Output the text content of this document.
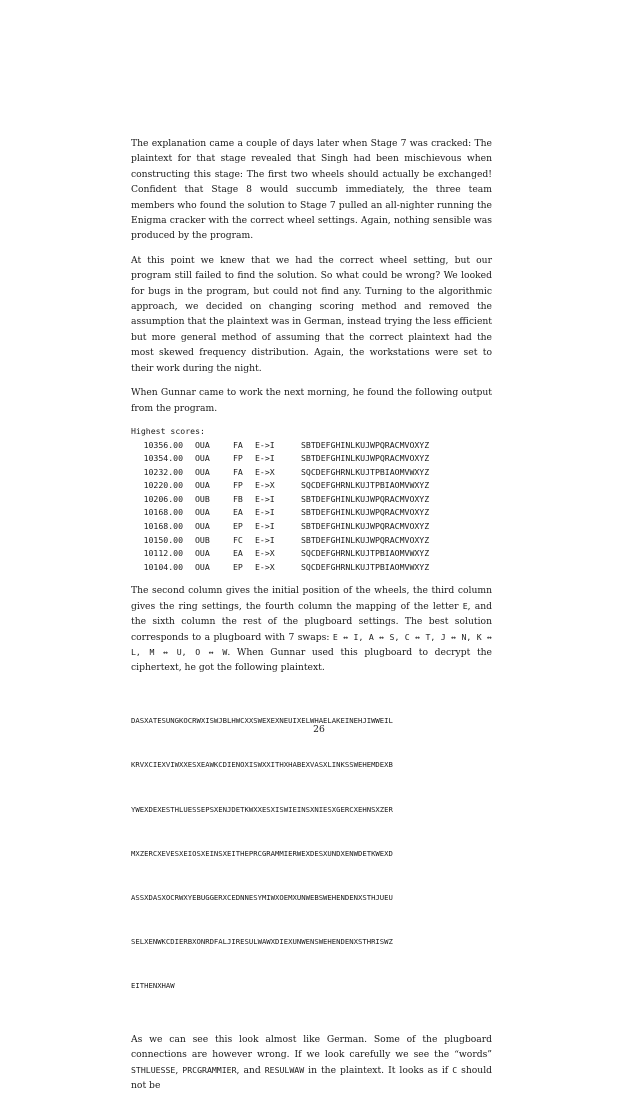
The explanation came a couple of days later when Stage 7 was cracked: The plaintext for that stage revealed that Singh had been mischievous when constructing this stage: The first two wheels should actually be exchanged! Confident that Stage 8 would succumb immediately, the three team members who found the solution to Stage 7 pulled an all-nighter running the Enigma cracker with the correct wheel settings. Again, nothing sensible was produced by the program.

At this point we knew that we had the correct wheel setting, but our program still failed to find the solution. So what could be wrong? We looked for bugs in the program, but could not find any. Turning to the algorithmic approach, we decided on changing scoring method and removed the assumption that the plaintext was in German, instead trying the less efficient but more general method of assuming that the correct plaintext had the most skewed frequency distribution. Again, the workstations were set to their work during the night.

When Gunnar came to work the next morning, he found the following output from the program.

Highest scores:
10356.00	OUA	FA	E->I	SBTDEFGHINLKUJWPQRACMVOXYZ
10354.00	OUA	FP	E->I	SBTDEFGHINLKUJWPQRACMVOXYZ
10232.00	OUA	FA	E->X	SQCDEFGHRNLKUJTPBIAOMVWXYZ
10220.00	OUA	FP	E->X	SQCDEFGHRNLKUJTPBIAOMVWXYZ
10206.00	OUB	FB	E->I	SBTDEFGHINLKUJWPQRACMVOXYZ
10168.00	OUA	EA	E->I	SBTDEFGHINLKUJWPQRACMVOXYZ
10168.00	OUA	EP	E->I	SBTDEFGHINLKUJWPQRACMVOXYZ
10150.00	OUB	FC	E->I	SBTDEFGHINLKUJWPQRACMVOXYZ
10112.00	OUA	EA	E->X	SQCDEFGHRNLKUJTPBIAOMVWXYZ
10104.00	OUA	EP	E->X	SQCDEFGHRNLKUJTPBIAOMVWXYZ

The second column gives the initial position of the wheels, the third column gives the ring settings, the fourth column the mapping of the letter E, and the sixth column the rest of the plugboard settings. The best solution corresponds to a plugboard with 7 swaps: E ↔ I, A ↔ S, C ↔ T, J ↔ N, K ↔ L, M ↔ U, O ↔ W. When Gunnar used this plugboard to decrypt the ciphertext, he got the following plaintext.

DASXATESUNGKOCRWXISWJBLHWCXXSWEXEXNEUIXELWHAELAKEINEHJIWWEIL

KRVXCIEXVIWXXESXEAWKCDIENOXISWXXITHXHABEXVASXLINKSSWEHEMDEXB

YWEXDEXESTHLUESSEPSXENJDETKWXXESXISWIEINSXNIESXGERCXEHNSXZER

MXZERCXEVESXEIOSXEINSXEITHEPRCGRAMMIERWEXDESXUNDXENWDETKWEXD

ASSXDASXOCRWXYEBUGGERXCEDNNESYMIWXOEMXUNWEBSWEHENDENXSTHJUEU

SELXENWKCDIERBXONRDFALJIRESULWAWXDIEXUNWENSWEHENDENXSTHRISWZ

EITHENXHAW

As we can see this look almost like German. Some of the plugboard connections are however wrong. If we look carefully we see the “words” STHLUESSE, PRCGRAMMIER, and RESULWAW in the plaintext. It looks as if C should not be

26
